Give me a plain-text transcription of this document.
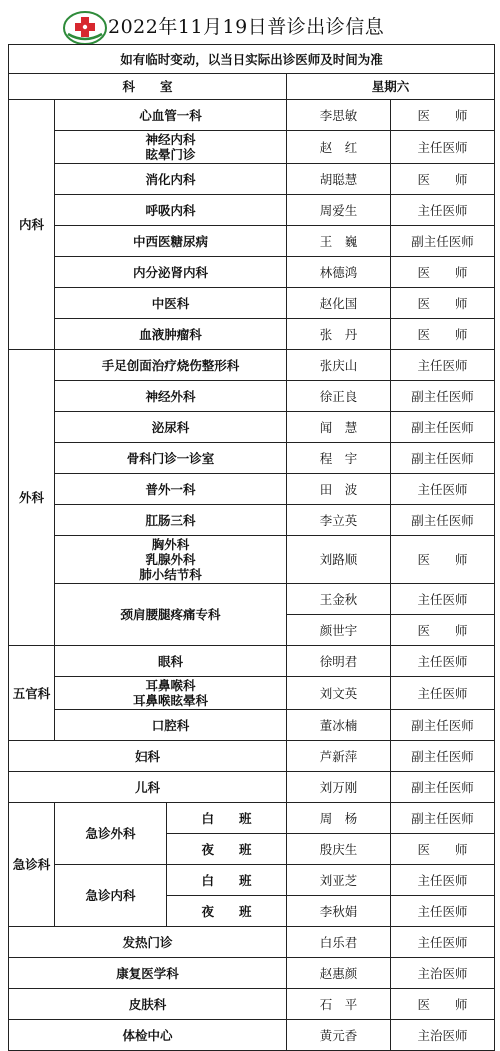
2022年11月19日普诊出诊信息
如有临时变动，以当日实际出诊医师及时间为准				
科　　室			星期六	
内科	心血管一科		李思敏	医　　师

	神经内科
眩晕门诊		赵　红	主任医师
	消化内科		胡聪慧	医　　师
	呼吸内科		周爱生	主任医师
	中西医糖尿病		王　巍	副主任医师
	内分泌肾内科		林德鸿	医　　师
	中医科		赵化国	医　　师
	血液肿瘤科		张　丹	医　　师
外科	手足创面治疗烧伤整形科		张庆山	主任医师
	神经外科		徐正良	副主任医师
	泌尿科		闻　慧	副主任医师
	骨科门诊一诊室		程　宇	副主任医师
	普外一科		田　波	主任医师
	肛肠三科		李立英	副主任医师

	胸外科
乳腺外科
肺小结节科		刘路顺	医　　师
	颈肩腰腿疼痛专科		王金秋	主任医师
			颜世宇	医　　师
五官科	眼科		徐明君	主任医师

	耳鼻喉科
耳鼻喉眩晕科		刘文英	主任医师
	口腔科		董冰楠	副主任医师
妇科			芦新萍	副主任医师
儿科			刘万刚	副主任医师
急诊科	急诊外科	白　　班	周　杨	副主任医师
		夜　　班	殷庆生	医　　师
	急诊内科	白　　班	刘亚芝	主任医师
		夜　　班	李秋娟	主任医师
发热门诊			白乐君	主任医师
康复医学科			赵惠颜	主治医师
皮肤科			石　平	医　　师
体检中心			黄元香	主治医师
